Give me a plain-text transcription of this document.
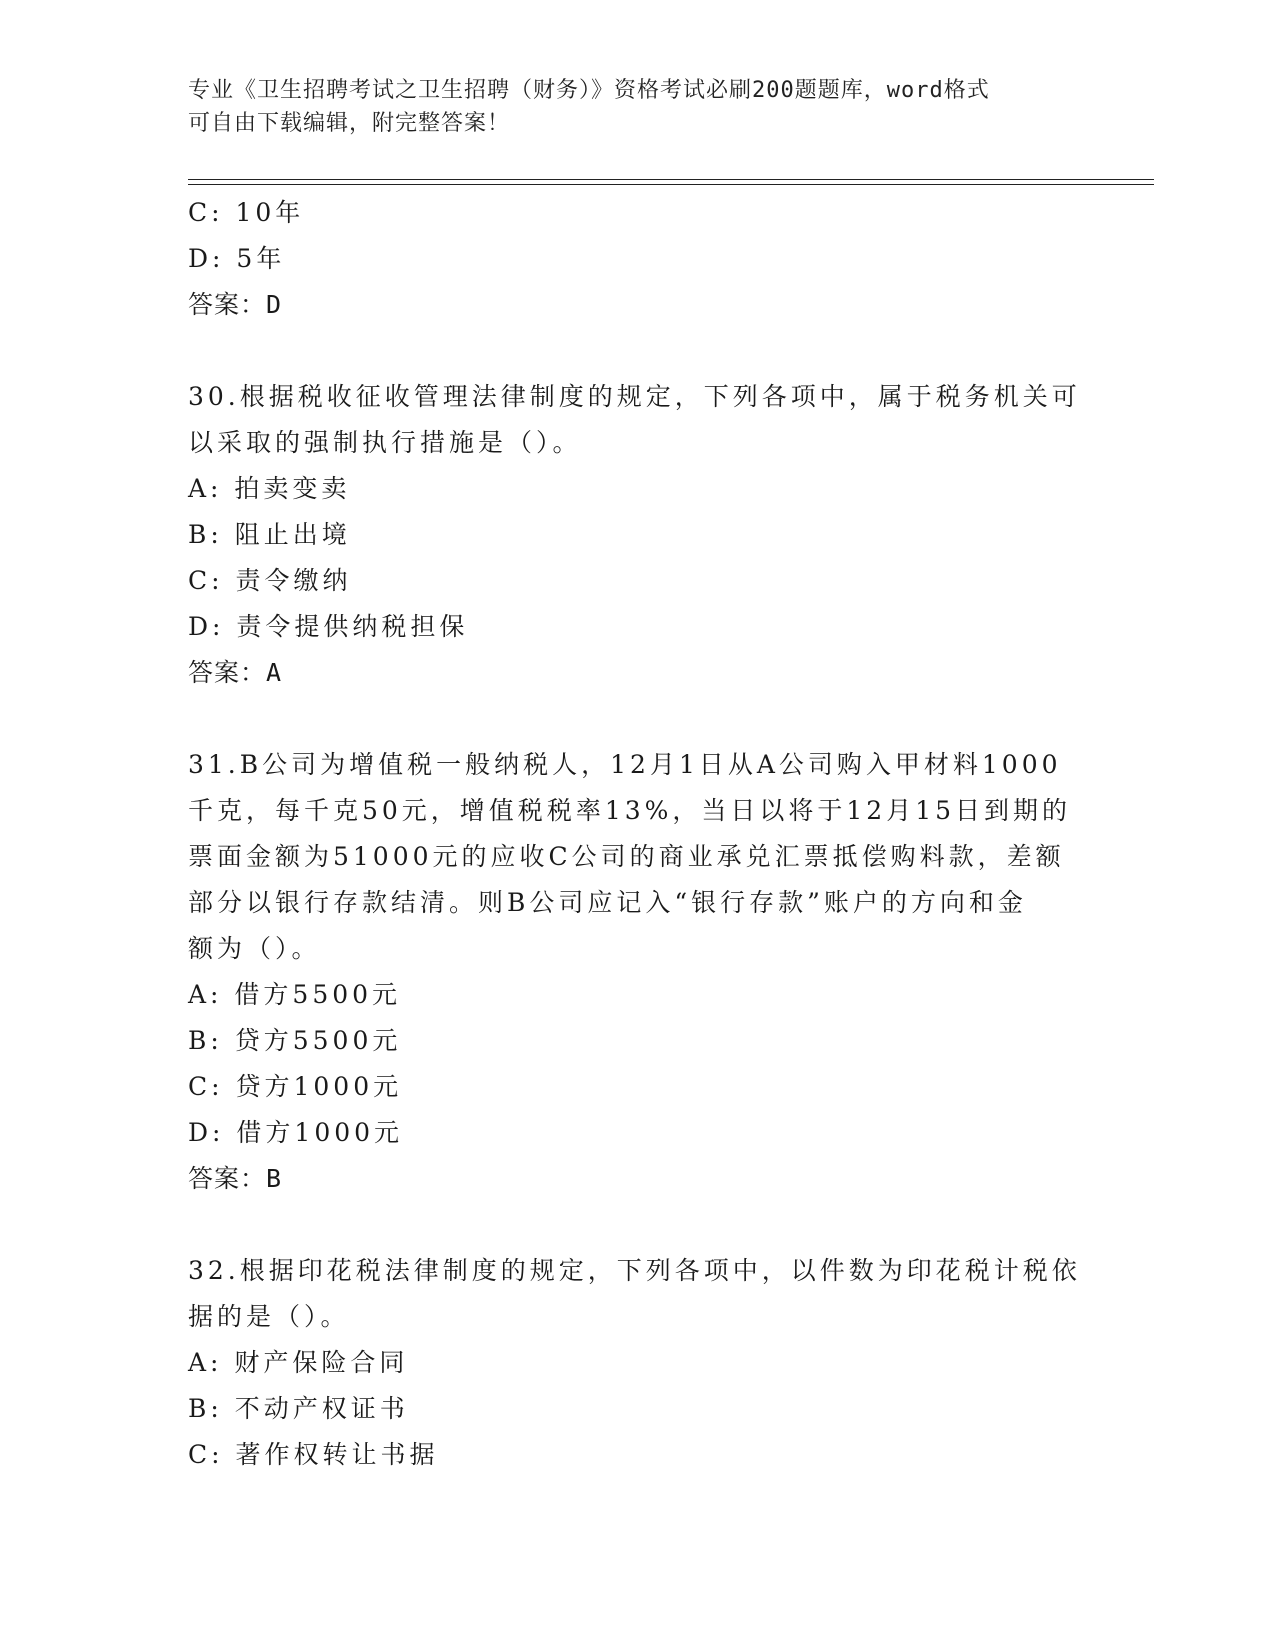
专业《卫生招聘考试之卫生招聘（财务）》资格考试必刷200题题库，word格式
可自由下载编辑，附完整答案！
C: 10年
D: 5年
答案：D
30.根据税收征收管理法律制度的规定，下列各项中，属于税务机关可
以采取的强制执行措施是（）。
A: 拍卖变卖
B: 阻止出境
C: 责令缴纳
D: 责令提供纳税担保
答案：A
31.B公司为增值税一般纳税人，12月1日从A公司购入甲材料1000
千克，每千克50元，增值税税率13%，当日以将于12月15日到期的
票面金额为51000元的应收C公司的商业承兑汇票抵偿购料款，差额
部分以银行存款结清。则B公司应记入“银行存款”账户的方向和金
额为（）。
A: 借方5500元
B: 贷方5500元
C: 贷方1000元
D: 借方1000元
答案：B
32.根据印花税法律制度的规定，下列各项中，以件数为印花税计税依
据的是（）。
A: 财产保险合同
B: 不动产权证书
C: 著作权转让书据
